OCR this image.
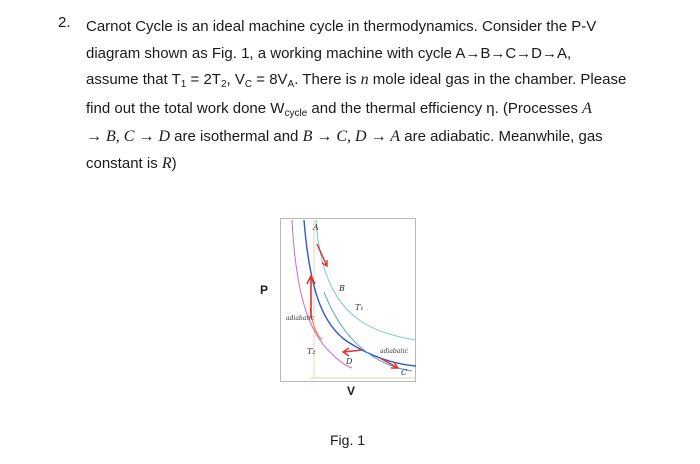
2. Carnot Cycle is an ideal machine cycle in thermodynamics. Consider the P-V
diagram shown as Fig. 1, a working machine with cycle A→B→C→D→A,
assume that $T_1 = 2T_2$, $V_C = 8V_A$. There is n mole ideal gas in the chamber. Please
find out the total work done $W_{cycle}$ and the thermal efficiency η. (Processes A
→ B, C → D are isothermal and B → C, D → A are adiabatic. Meanwhile, gas
constant is R)
P
A
B
C
D
T₁
T₂
adiabatic
adiabatic
V
Fig. 1
